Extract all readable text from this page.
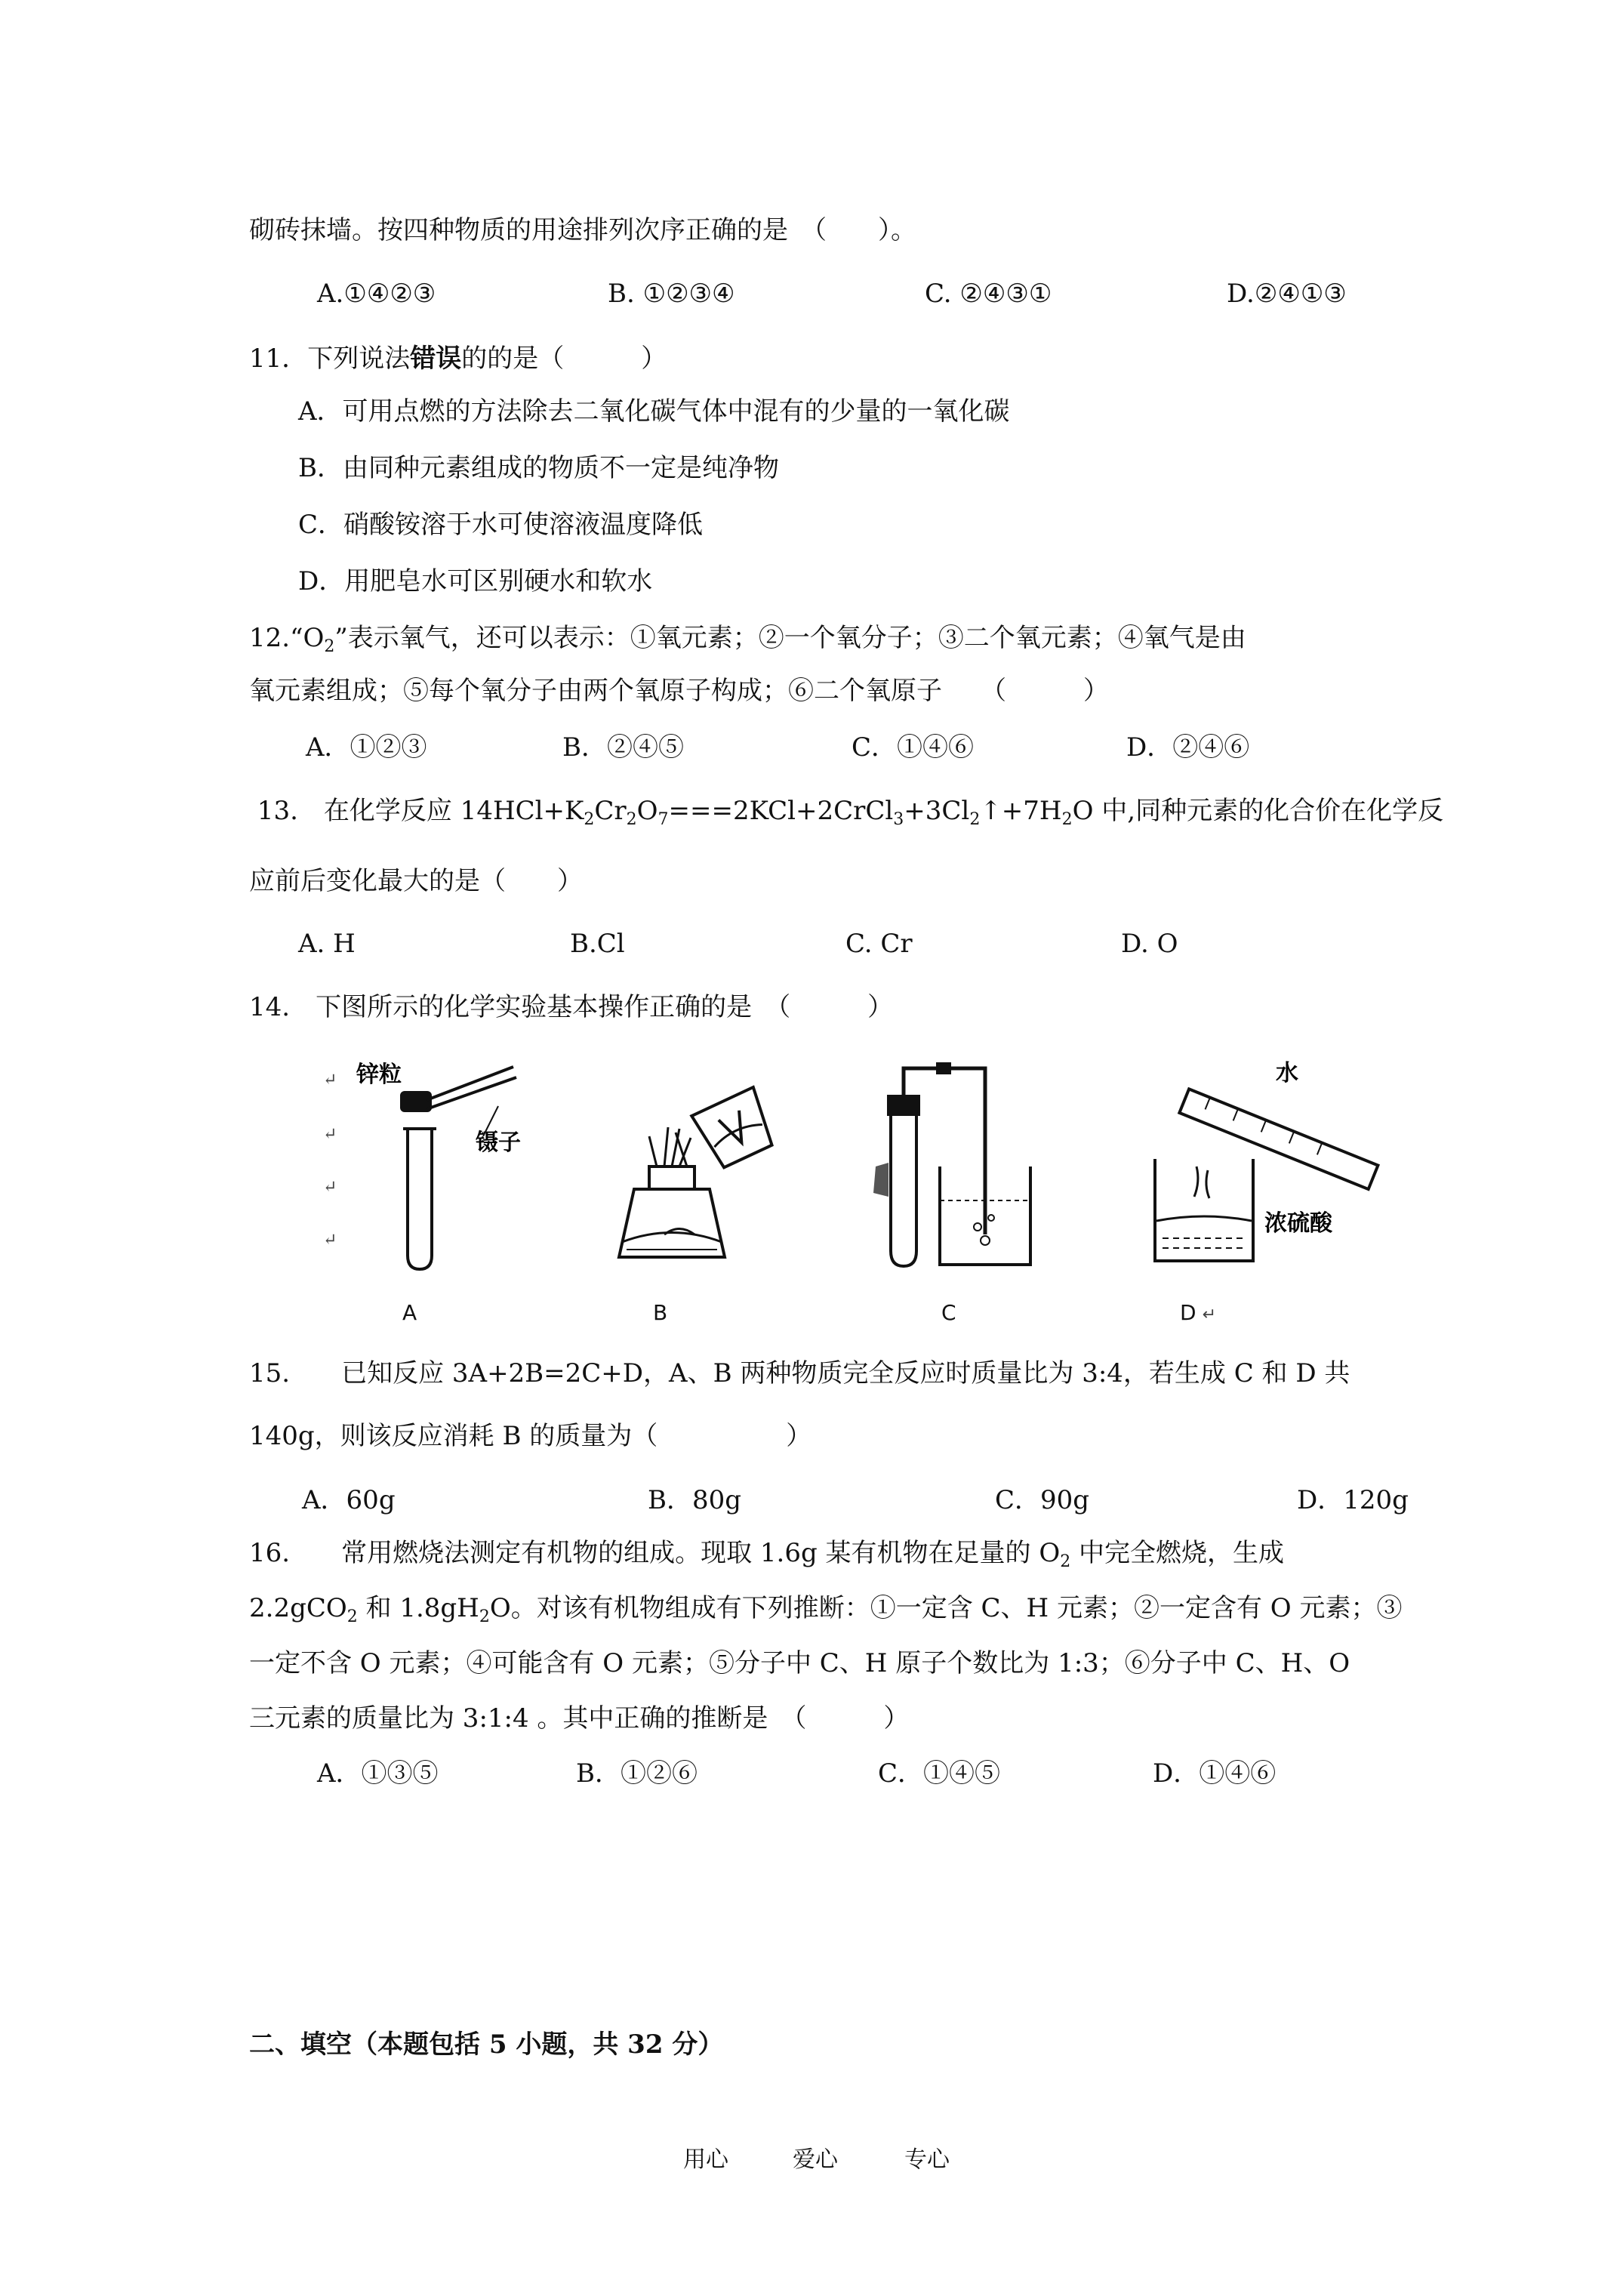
砌砖抹墙。按四种物质的用途排列次序正确的是　（　　）。

A.①④②③

	B. ①②③④

	C. ②④③①

	D.②④①③

11．下列说法错误的的是（　　　）
A．可用点燃的方法除去二氧化碳气体中混有的少量的一氧化碳
B．由同种元素组成的物质不一定是纯净物
C．硝酸铵溶于水可使溶液温度降低
D．用肥皂水可区别硬水和软水
$12.“O_2$”表示氧气，还可以表示：①氧元素；②一个氧分子；③二个氧元素；④氧气是由
氧元素组成；⑤每个氧分子由两个氧原子构成；⑥二个氧原子　　（　　　）

A．①②③

	B．②④⑤

	C．①④⑥

	D．②④⑥

13.　在化学反应 $14HCl+K_2Cr_2O_7===2KCl+2CrCl_3+3Cl_2↑+7H_2O$ 中,同种元素的化合价在化学反
应前后变化最大的是（　　）

A. H

	B.Cl

	C. Cr

	D. O

14.　下图所示的化学实验基本操作正确的是　（　　　）
↵
↵
↵
↵
锌粒
镊子
水
浓硫酸
A	B	C	D ↵
15.　　已知反应 3A+2B=2C+D，A、B 两种物质完全反应时质量比为 3:4，若生成 C 和 D 共
140g，则该反应消耗 B 的质量为（　　　　　）

A．60g

	B．80g

	C．90g

	D．120g

16.　　常用燃烧法测定有机物的组成。现取 1.6g 某有机物在足量的 $O_2$ 中完全燃烧，生成
2.2gCO$_2$ 和 $1.8gH_2O$。对该有机物组成有下列推断：①一定含 C、H 元素；②一定含有 O 元素；③
一定不含 O 元素；④可能含有 O 元素；⑤分子中 C、H 原子个数比为 1:3；⑥分子中 C、H、O
三元素的质量比为 3:1:4 。其中正确的推断是　（　　　）

A．①③⑤

	B．①②⑥

	C．①④⑤

	D．①④⑥

二、填空（本题包括 5 小题，共 32 分）
用心	爱心	专心
